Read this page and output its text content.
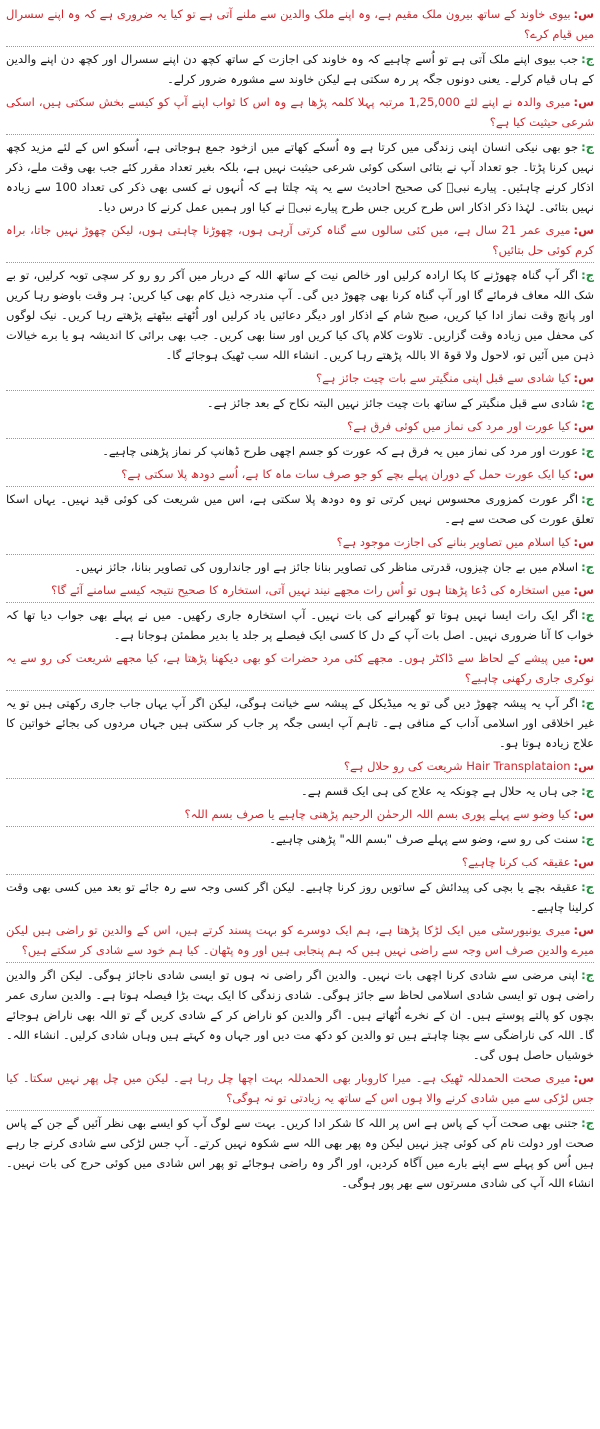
س:بیوی خاوند کے ساتھ بیرون ملک مقیم ہے، وہ اپنے ملک والدین سے ملنے آتی ہے تو کیا یہ ضروری ہے کہ وہ اپنے سسرال میں قیام کرے؟

ج:جب بیوی اپنے ملک آتی ہے تو اُسے چاہیے کہ وہ خاوند کی اجازت کے ساتھ کچھ دن اپنے سسرال اور کچھ دن اپنے والدین کے ہاں قیام کرلے۔ یعنی دونوں جگہ پر رہ سکتی ہے لیکن خاوند سے مشورہ ضرور کرلے۔

س:میری والدہ نے اپنے لئے 1,25,000 مرتبہ پہلا کلمہ پڑھا ہے وہ اس کا ثواب اپنے آپ کو کیسے بخش سکتی ہیں، اسکی شرعی حیثیت کیا ہے؟

ج:جو بھی نیکی انسان اپنی زندگی میں کرتا ہے وہ اُسکے کھاتے میں ازخود جمع ہوجاتی ہے، اُسکو اس کے لئے مزید کچھ نہیں کرنا پڑتا۔ جو تعداد آپ نے بتائی اسکی کوئی شرعی حیثیت نہیں ہے، بلکہ بغیر تعداد مقرر کئے جب بھی وقت ملے، ذکر اذکار کرنے چاہئیں۔ پیارے نبیؐ کی صحیح احادیث سے یہ پتہ چلتا ہے کہ اُنہوں نے کسی بھی ذکر کی تعداد 100 سے زیادہ نہیں بتائی۔ لہٰذا ذکر اذکار اس طرح کریں جس طرح پیارے نبیؐ نے کیا اور ہمیں عمل کرنے کا درس دیا۔

س:میری عمر 21 سال ہے، میں کئی سالوں سے گناہ کرتی آرہی ہوں، چھوڑنا چاہتی ہوں، لیکن چھوڑ نہیں جاتا، براہ کرم کوئی حل بتائیں؟

ج:اگر آپ گناہ چھوڑنے کا پکا ارادہ کرلیں اور خالص نیت کے ساتھ اللہ کے دربار میں آکر رو رو کر سچی توبہ کرلیں، تو بے شک اللہ معاف فرمائے گا اور آپ گناہ کرنا بھی چھوڑ دیں گی۔ آپ مندرجہ ذیل کام بھی کیا کریں: ہر وقت باوضو رہا کریں اور پانچ وقت نماز ادا کیا کریں، صبح شام کے اذکار اور دیگر دعائیں یاد کرلیں اور اُٹھتے بیٹھتے پڑھتے رہا کریں۔ نیک لوگوں کی محفل میں زیادہ وقت گزاریں۔ تلاوت کلام پاک کیا کریں اور سنا بھی کریں۔ جب بھی برائی کا اندیشہ ہو یا برے خیالات ذہن میں آئیں تو، لاحول ولا قوۃ الا باللہ پڑھتے رہا کریں۔ انشاء اللہ سب ٹھیک ہوجائے گا۔

س:کیا شادی سے قبل اپنی منگیتر سے بات چیت جائز ہے؟

ج:شادی سے قبل منگیتر کے ساتھ بات چیت جائز نہیں البتہ نکاح کے بعد جائز ہے۔

س:کیا عورت اور مرد کی نماز میں کوئی فرق ہے؟

ج:عورت اور مرد کی نماز میں یہ فرق ہے کہ عورت کو جسم اچھی طرح ڈھانپ کر نماز پڑھنی چاہیے۔

س:کیا ایک عورت حمل کے دوران پہلے بچے کو جو صرف سات ماہ کا ہے، اُسے دودھ پلا سکتی ہے؟

ج:اگر عورت کمزوری محسوس نہیں کرتی تو وہ دودھ پلا سکتی ہے، اس میں شریعت کی کوئی قید نہیں۔ یہاں اسکا تعلق عورت کی صحت سے ہے۔

س:کیا اسلام میں تصاویر بنانے کی اجازت موجود ہے؟

ج:اسلام میں بے جان چیزوں، قدرتی مناظر کی تصاویر بنانا جائز ہے اور جانداروں کی تصاویر بنانا، جائز نہیں۔

س:میں استخارہ کی دُعا پڑھتا ہوں تو اُس رات مجھے نیند نہیں آتی، استخارہ کا صحیح نتیجہ کیسے سامنے آئے گا؟

ج:اگر ایک رات ایسا نہیں ہوتا تو گھبرانے کی بات نہیں۔ آپ استخارہ جاری رکھیں۔ میں نے پہلے بھی جواب دیا تھا کہ خواب کا آنا ضروری نہیں۔ اصل بات آپ کے دل کا کسی ایک فیصلے پر جلد یا بدیر مطمئن ہوجانا ہے۔

س:میں پیشے کے لحاظ سے ڈاکٹر ہوں۔ مجھے کئی مرد حضرات کو بھی دیکھنا پڑھتا ہے، کیا مجھے شریعت کی رو سے یہ نوکری جاری رکھنی چاہیے؟

ج:اگر آپ یہ پیشہ چھوڑ دیں گی تو یہ میڈیکل کے پیشہ سے خیانت ہوگی، لیکن اگر آپ یہاں جاب جاری رکھتی ہیں تو یہ غیر اخلاقی اور اسلامی آداب کے منافی ہے۔ تاہم آپ ایسی جگہ پر جاب کر سکتی ہیں جہاں مردوں کی بجائے خواتین کا علاج زیادہ ہوتا ہو۔

س:Hair Transplataion شریعت کی رو حلال ہے؟

ج:جی ہاں یہ حلال ہے چونکہ یہ علاج کی ہی ایک قسم ہے۔

س:کیا وضو سے پہلے پوری بسم اللہ الرحمٰن الرحیم پڑھنی چاہیے یا صرف بسم اللہ؟

ج:سنت کی رو سے، وضو سے پہلے صرف "بسم اللہ" پڑھنی چاہیے۔

س:عقیقہ کب کرنا چاہیے؟

ج:عقیقہ بچے یا بچی کی پیدائش کے ساتویں روز کرنا چاہیے۔ لیکن اگر کسی وجہ سے رہ جائے تو بعد میں کسی بھی وقت کرلینا چاہیے۔

س:میری یونیورسٹی میں ایک لڑکا پڑھتا ہے، ہم ایک دوسرے کو بہت پسند کرتے ہیں، اس کے والدین تو راضی ہیں لیکن میرے والدین صرف اس وجہ سے راضی نہیں ہیں کہ ہم پنجابی ہیں اور وہ پٹھان۔ کیا ہم خود سے شادی کر سکتے ہیں؟

ج:اپنی مرضی سے شادی کرنا اچھی بات نہیں۔ والدین اگر راضی نہ ہوں تو ایسی شادی ناجائز ہوگی۔ لیکن اگر والدین راضی ہوں تو ایسی شادی اسلامی لحاظ سے جائز ہوگی۔ شادی زندگی کا ایک بہت بڑا فیصلہ ہوتا ہے۔ والدین ساری عمر بچوں کو پالتے پوستے ہیں۔ ان کے نخرے اُٹھاتے ہیں۔ اگر والدین کو ناراض کر کے شادی کریں گے تو اللہ بھی ناراض ہوجائے گا۔ اللہ کی ناراضگی سے بچنا چاہتے ہیں تو والدین کو دکھ مت دیں اور جہاں وہ کہتے ہیں وہاں شادی کرلیں۔ انشاء اللہ۔ خوشیاں حاصل ہوں گی۔

س:میری صحت الحمدللہ ٹھیک ہے۔ میرا کاروبار بھی الحمدللہ بہت اچھا چل رہا ہے۔ لیکن میں چل پھر نہیں سکتا۔ کیا جس لڑکی سے میں شادی کرنے والا ہوں اس کے ساتھ یہ زیادتی تو نہ ہوگی؟

ج:جتنی بھی صحت آپ کے پاس ہے اس پر اللہ کا شکر ادا کریں۔ بہت سے لوگ آپ کو ایسے بھی نظر آئیں گے جن کے پاس صحت اور دولت نام کی کوئی چیز نہیں لیکن وہ پھر بھی اللہ سے شکوہ نہیں کرتے۔ آپ جس لڑکی سے شادی کرنے جا رہے ہیں اُس کو پہلے سے اپنے بارے میں آگاہ کردیں، اور اگر وہ راضی ہوجائے تو پھر اس شادی میں کوئی حرج کی بات نہیں۔ انشاء اللہ آپ کی شادی مسرتوں سے بھر پور ہوگی۔
